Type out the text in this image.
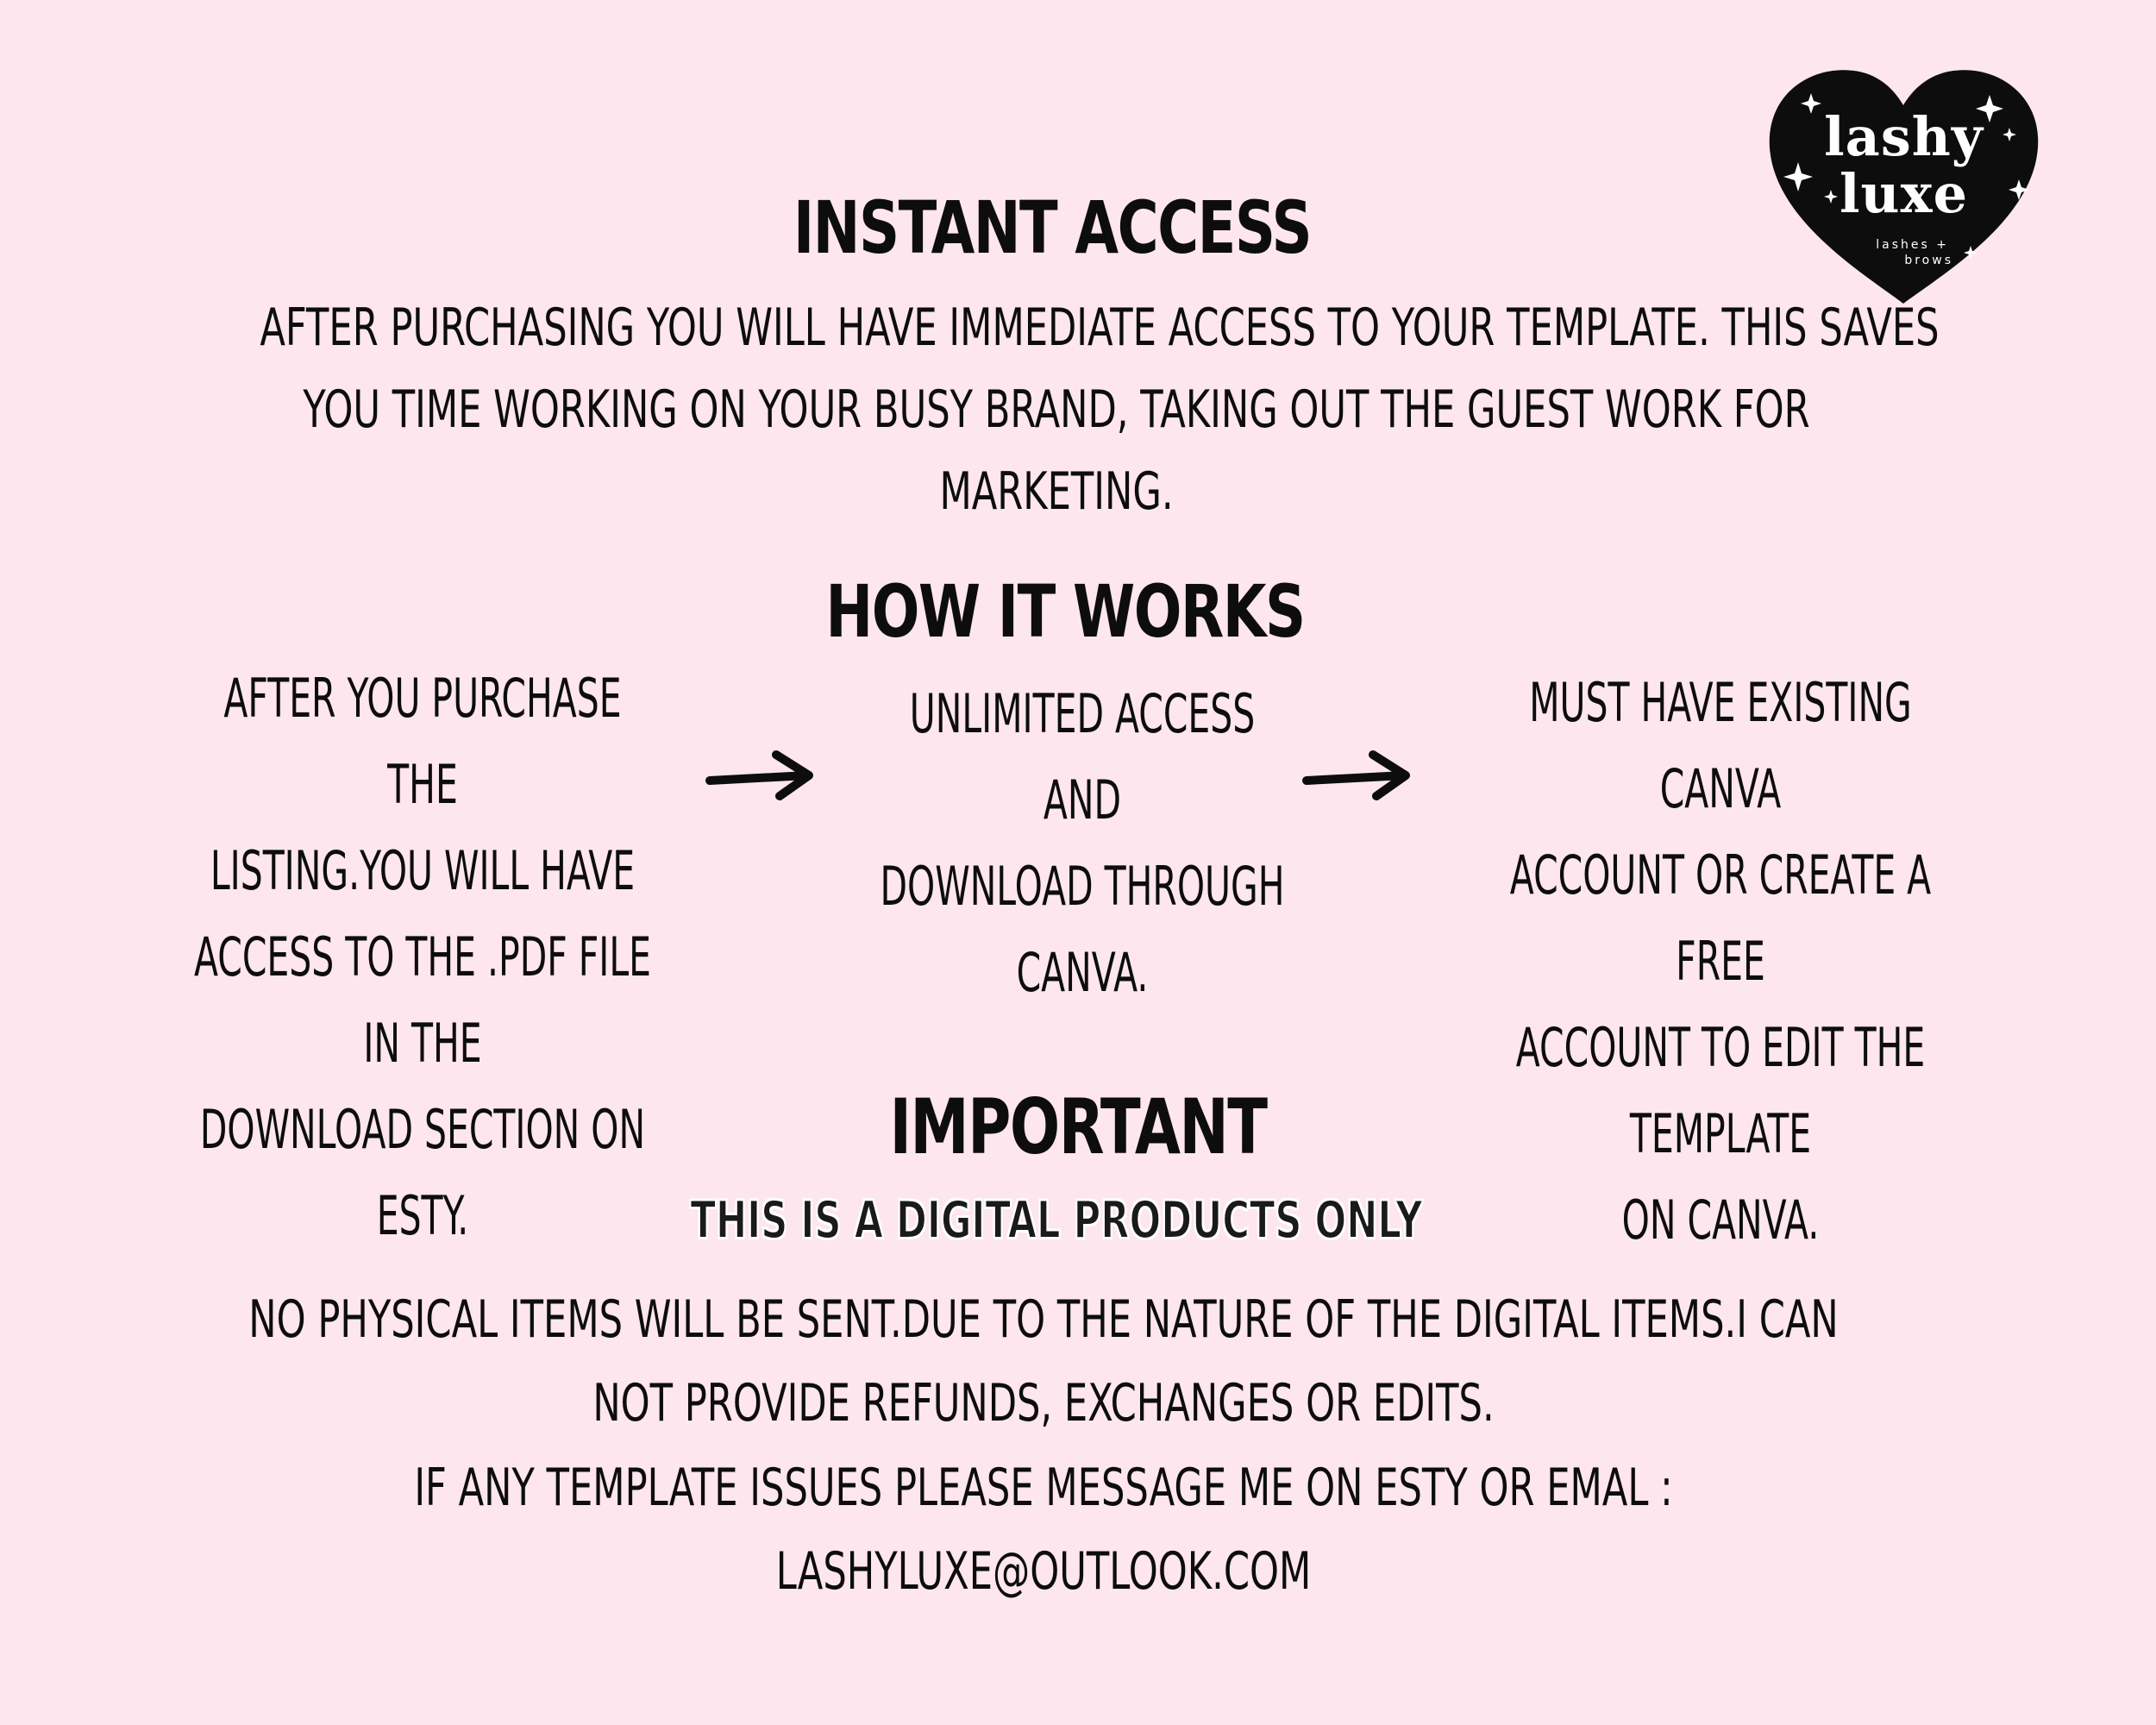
lashy
luxe
lashes +
brows
INSTANT ACCESS
AFTER PURCHASING YOU WILL HAVE IMMEDIATE ACCESS TO YOUR TEMPLATE. THIS SAVES
YOU TIME WORKING ON YOUR BUSY BRAND, TAKING OUT THE GUEST WORK FOR
MARKETING.
HOW IT WORKS
AFTER YOU PURCHASE THE
LISTING.YOU WILL HAVE
ACCESS TO THE .PDF FILE IN THE
DOWNLOAD SECTION ON ESTY.
UNLIMITED ACCESS AND
DOWNLOAD THROUGH
CANVA.
MUST HAVE EXISTING CANVA
ACCOUNT OR CREATE A FREE
ACCOUNT TO EDIT THE TEMPLATE
ON CANVA.
IMPORTANT
THIS IS A DIGITAL PRODUCTS ONLY
NO PHYSICAL ITEMS WILL BE SENT.DUE TO THE NATURE OF THE DIGITAL ITEMS.I CAN
NOT PROVIDE REFUNDS, EXCHANGES OR EDITS.
IF ANY TEMPLATE ISSUES PLEASE MESSAGE ME ON ESTY OR EMAL :
LASHYLUXE@OUTLOOK.COM
